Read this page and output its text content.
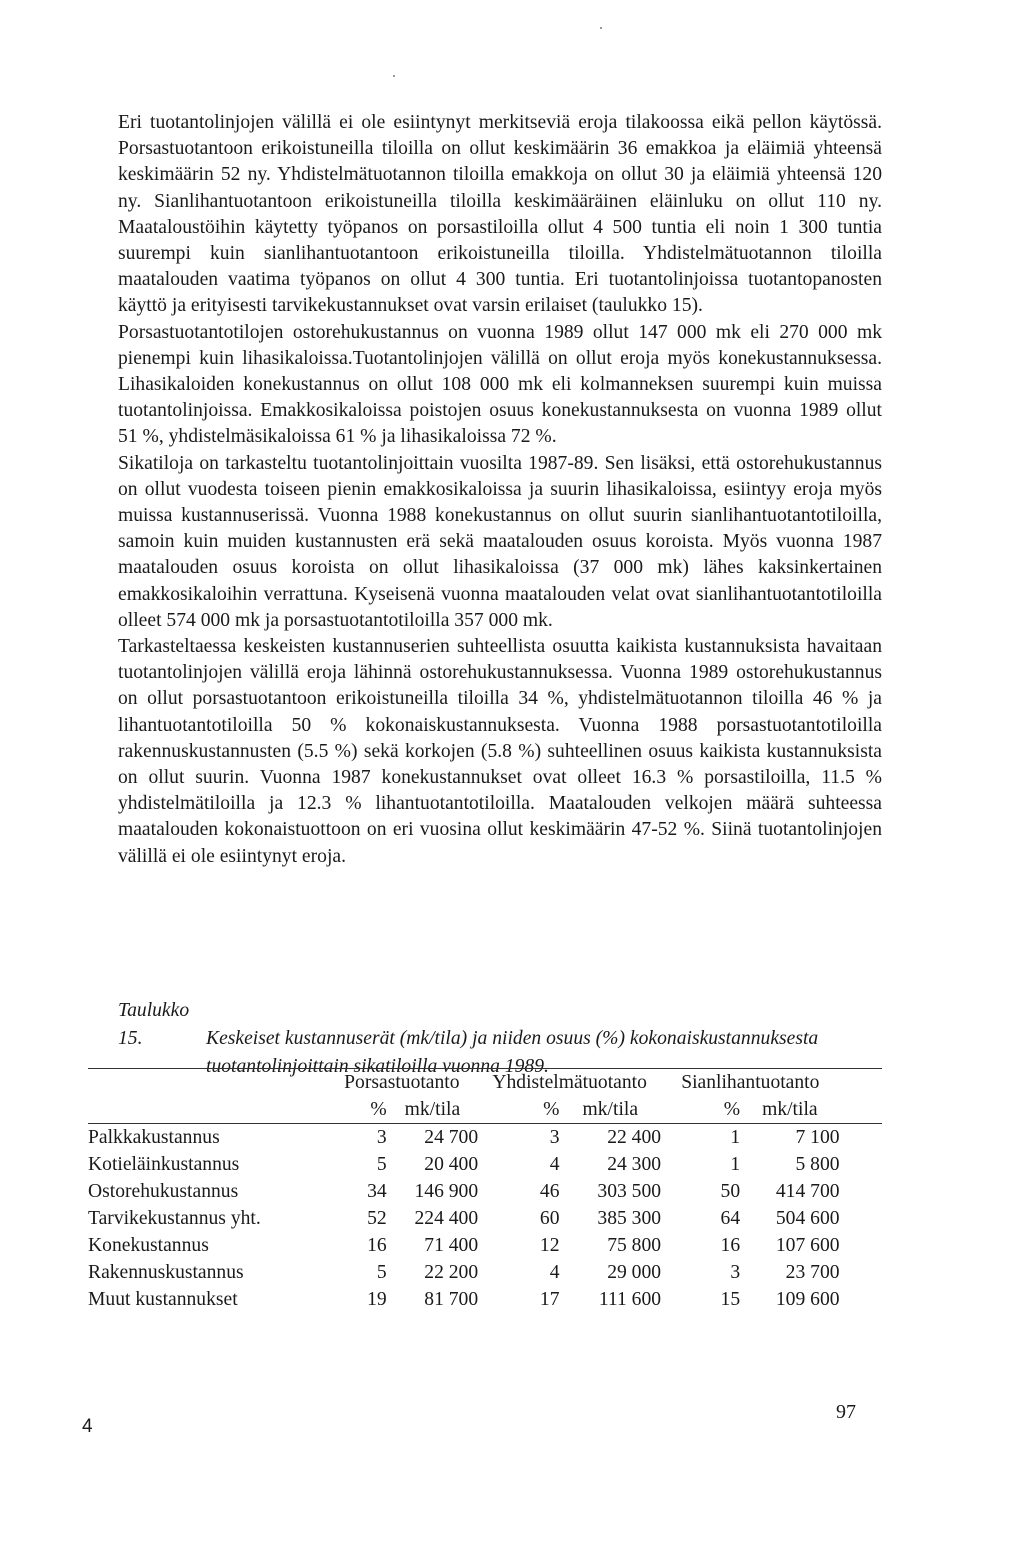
Eri tuotantolinjojen välillä ei ole esiintynyt merkitseviä eroja tilakoossa eikä pellon käytössä. Porsastuotantoon erikoistuneilla tiloilla on ollut keskimäärin 36 emakkoa ja eläimiä yhteensä keskimäärin 52 ny. Yhdistelmätuotannon tiloilla emakkoja on ollut 30 ja eläimiä yhteensä 120 ny. Sianlihantuotantoon erikoistuneilla tiloilla keskimääräinen eläinluku on ollut 110 ny. Maataloustöihin käytetty työpanos on porsastiloilla ollut 4 500 tuntia eli noin 1 300 tuntia suurempi kuin sianlihantuotantoon erikoistuneilla tiloilla. Yhdistelmätuotannon tiloilla maatalouden vaatima työpanos on ollut 4 300 tuntia. Eri tuotantolinjoissa tuotantopanosten käyttö ja erityisesti tarvikekustannukset ovat varsin erilaiset (taulukko 15).

Porsastuotantotilojen ostorehukustannus on vuonna 1989 ollut 147 000 mk eli 270 000 mk pienempi kuin lihasikaloissa.Tuotantolinjojen välillä on ollut eroja myös konekustannuksessa. Lihasikaloiden konekustannus on ollut 108 000 mk eli kolmanneksen suurempi kuin muissa tuotantolinjoissa. Emakkosikaloissa poistojen osuus konekustannuksesta on vuonna 1989 ollut 51 %, yhdistelmäsikaloissa 61 % ja lihasikaloissa 72 %.

Sikatiloja on tarkasteltu tuotantolinjoittain vuosilta 1987-89. Sen lisäksi, että ostorehukustannus on ollut vuodesta toiseen pienin emakkosikaloissa ja suurin lihasikaloissa, esiintyy eroja myös muissa kustannuserissä. Vuonna 1988 konekustannus on ollut suurin sianlihantuotantotiloilla, samoin kuin muiden kustannusten erä sekä maatalouden osuus koroista. Myös vuonna 1987 maatalouden osuus koroista on ollut lihasikaloissa (37 000 mk) lähes kaksinkertainen emakkosikaloihin verrattuna. Kyseisenä vuonna maatalouden velat ovat sianlihantuotantotiloilla olleet 574 000 mk ja porsastuotantotiloilla 357 000 mk.

Tarkasteltaessa keskeisten kustannuserien suhteellista osuutta kaikista kustannuksista havaitaan tuotantolinjojen välillä eroja lähinnä ostorehukustannuksessa. Vuonna 1989 ostorehukustannus on ollut porsastuotantoon erikoistuneilla tiloilla 34 %, yhdistelmätuotannon tiloilla 46 % ja lihantuotantotiloilla 50 % kokonaiskustannuksesta. Vuonna 1988 porsastuotantotiloilla rakennuskustannusten (5.5 %) sekä korkojen (5.8 %) suhteellinen osuus kaikista kustannuksista on ollut suurin. Vuonna 1987 konekustannukset ovat olleet 16.3 % porsastiloilla, 11.5 % yhdistelmätiloilla ja 12.3 % lihantuotantotiloilla. Maatalouden velkojen määrä suhteessa maatalouden kokonaistuottoon on eri vuosina ollut keskimäärin 47-52 %. Siinä tuotantolinjojen välillä ei ole esiintynyt eroja.

Taulukko 15.	Keskeiset kustannuserät (mk/tila) ja niiden osuus (%) kokonaiskustannuksesta
tuotantolinjoittain sikatiloilla vuonna 1989.
	Porsastuotanto		Yhdistelmätuotanto		Sianlihantuotanto		
	%	mk/tila	%	mk/tila	%	mk/tila	

Palkkakustannus	3	24 700	3	22 400	1	7 100	
Kotieläinkustannus	5	20 400	4	24 300	1	5 800	
Ostorehukustannus	34	146 900	46	303 500	50	414 700	
Tarvikekustannus yht.	52	224 400	60	385 300	64	504 600	
Konekustannus	16	71 400	12	75 800	16	107 600	
Rakennuskustannus	5	22 200	4	29 000	3	23 700	
Muut kustannukset	19	81 700	17	111 600	15	109 600	
97
4
